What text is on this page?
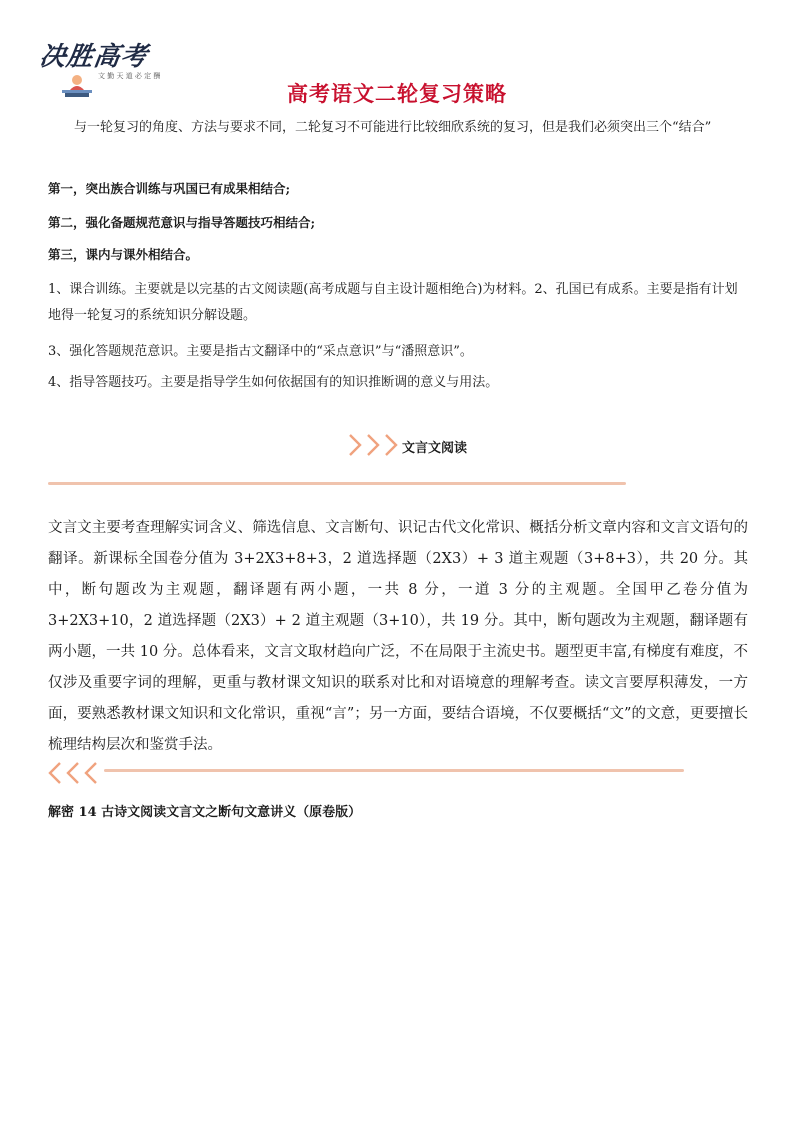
决胜高考
文 勤 天 道 必 定 酬
高考语文二轮复习策略
与一轮复习的角度、方法与要求不同，二轮复习不可能进行比较细欣系统的复习，但是我们必须突出三个“结合”
第一，突出族合训练与巩国已有成果相结合;
第二，强化备题规范意识与指导答题技巧相结合;
第三，课内与课外相结合。
1、课合训练。主要就是以完基的古文阅读题(高考成题与自主设计题相绝合)为材料。2、孔国已有成系。主要是指有计划地得一轮复习的系统知识分解设题。
3、强化答题规范意识。主要是指古文翻译中的“采点意识”与“潘照意识”。
4、指导答题技巧。主要是指导学生如何依据国有的知识推断调的意义与用法。
文言文阅读
文言文主要考查理解实词含义、筛选信息、文言断句、识记古代文化常识、概括分析文章内容和文言文语句的翻译。新课标全国卷分值为 3+2X3+8+3，2 道选择题（2X3）+ 3 道主观题（3+8+3），共 20 分。其中，断句题改为主观题，翻译题有两小题，一共 8 分，一道 3 分的主观题。全国甲乙卷分值为 3+2X3+10，2 道选择题（2X3）+ 2 道主观题（3+10），共 19 分。其中，断句题改为主观题，翻译题有两小题，一共 10 分。总体看来，文言文取材趋向广泛，不在局限于主流史书。题型更丰富,有梯度有难度，不仅涉及重要字词的理解，更重与教材课文知识的联系对比和对语境意的理解考查。读文言要厚积薄发，一方面，要熟悉教材课文知识和文化常识，重视“言”；另一方面，要结合语境，不仅要概括“文”的文意，更要擅长梳理结构层次和鉴赏手法。
解密 14 古诗文阅读文言文之断句文意讲义（原卷版）
